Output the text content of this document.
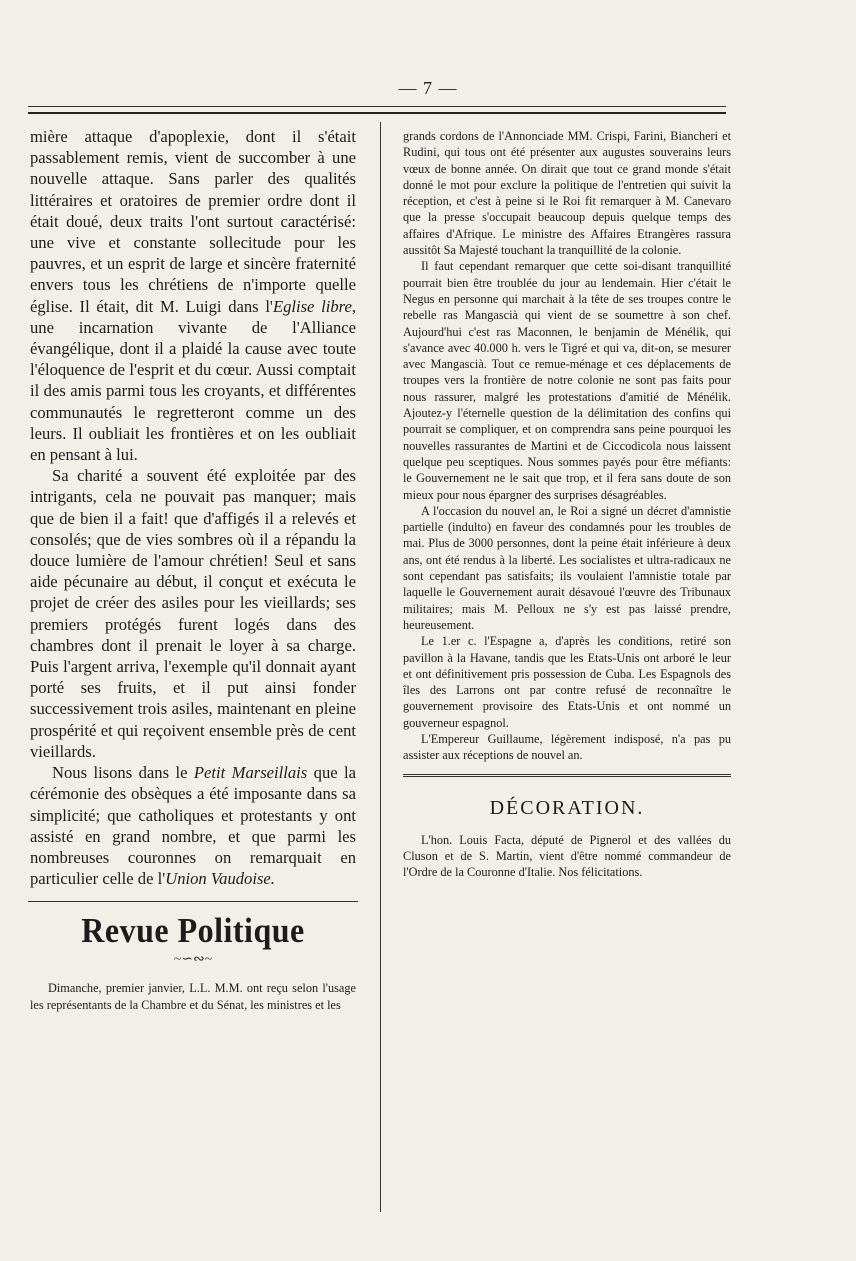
— 7 —

mière attaque d'apoplexie, dont il s'était passablement remis, vient de succomber à une nouvelle attaque. Sans parler des qualités littéraires et oratoires de premier ordre dont il était doué, deux traits l'ont surtout caractérisé: une vive et constante sollecitude pour les pauvres, et un esprit de large et sincère fraternité envers tous les chrétiens de n'importe quelle église. Il était, dit M. Luigi dans l'Eglise libre, une incarnation vivante de l'Alliance évangélique, dont il a plaidé la cause avec toute l'éloquence de l'esprit et du cœur. Aussi comptait il des amis parmi tous les croyants, et différentes communautés le regretteront comme un des leurs. Il oubliait les frontières et on les oubliait en pensant à lui.

Sa charité a souvent été exploitée par des intrigants, cela ne pouvait pas manquer; mais que de bien il a fait! que d'affigés il a relevés et consolés; que de vies sombres où il a répandu la douce lumière de l'amour chrétien! Seul et sans aide pécunaire au début, il conçut et exécuta le projet de créer des asiles pour les vieillards; ses premiers protégés furent logés dans des chambres dont il prenait le loyer à sa charge. Puis l'argent arriva, l'exemple qu'il donnait ayant porté ses fruits, et il put ainsi fonder successivement trois asiles, maintenant en pleine prospérité et qui reçoivent ensemble près de cent vieillards.

Nous lisons dans le Petit Marseillais que la cérémonie des obsèques a été imposante dans sa simplicité; que catholiques et protestants y ont assisté en grand nombre, et que parmi les nombreuses couronnes on remarquait en particulier celle de l'Union Vaudoise.

Revue Politique
~∽∾~

Dimanche, premier janvier, L.L. M.M. ont reçu selon l'usage les représentants de la Chambre et du Sénat, les ministres et les

grands cordons de l'Annonciade MM. Crispi, Farini, Biancheri et Rudini, qui tous ont été présenter aux augustes souverains leurs vœux de bonne année. On dirait que tout ce grand monde s'était donné le mot pour exclure la politique de l'entretien qui suivit la réception, et c'est à peine si le Roi fit remarquer à M. Canevaro que la presse s'occupait beaucoup depuis quelque temps des affaires d'Afrique. Le ministre des Affaires Etrangères rassura aussitôt Sa Majesté touchant la tranquillité de la colonie.

Il faut cependant remarquer que cette soi-disant tranquillité pourrait bien être troublée du jour au lendemain. Hier c'était le Negus en personne qui marchait à la tête de ses troupes contre le rebelle ras Mangascià qui vient de se soumettre à son chef. Aujourd'hui c'est ras Maconnen, le benjamin de Ménélik, qui s'avance avec 40.000 h. vers le Tigré et qui va, dit-on, se mesurer avec Mangascià. Tout ce remue-ménage et ces déplacements de troupes vers la frontière de notre colonie ne sont pas faits pour nous rassurer, malgré les protestations d'amitié de Ménélik. Ajoutez-y l'éternelle question de la délimitation des confins qui pourrait se compliquer, et on comprendra sans peine pourquoi les nouvelles rassurantes de Martini et de Ciccodicola nous laissent quelque peu sceptiques. Nous sommes payés pour être méfiants: le Gouvernement ne le sait que trop, et il fera sans doute de son mieux pour nous épargner des surprises désagréables.

A l'occasion du nouvel an, le Roi a signé un décret d'amnistie partielle (indulto) en faveur des condamnés pour les troubles de mai. Plus de 3000 personnes, dont la peine était inférieure à deux ans, ont été rendus à la liberté. Les socialistes et ultra-radicaux ne sont cependant pas satisfaits; ils voulaient l'amnistie totale par laquelle le Gouvernement aurait désavoué l'œuvre des Tribunaux militaires; mais M. Pelloux ne s'y est pas laissé prendre, heureusement.

Le 1.er c. l'Espagne a, d'après les conditions, retiré son pavillon à la Havane, tandis que les Etats-Unis ont arboré le leur et ont définitivement pris possession de Cuba. Les Espagnols des îles des Larrons ont par contre refusé de reconnaître le gouvernement provisoire des Etats-Unis et ont nommé un gouverneur espagnol.

L'Empereur Guillaume, légèrement indisposé, n'a pas pu assister aux réceptions de nouvel an.

DÉCORATION.

L'hon. Louis Facta, député de Pignerol et des vallées du Cluson et de S. Martin, vient d'être nommé commandeur de l'Ordre de la Couronne d'Italie. Nos félicitations.
